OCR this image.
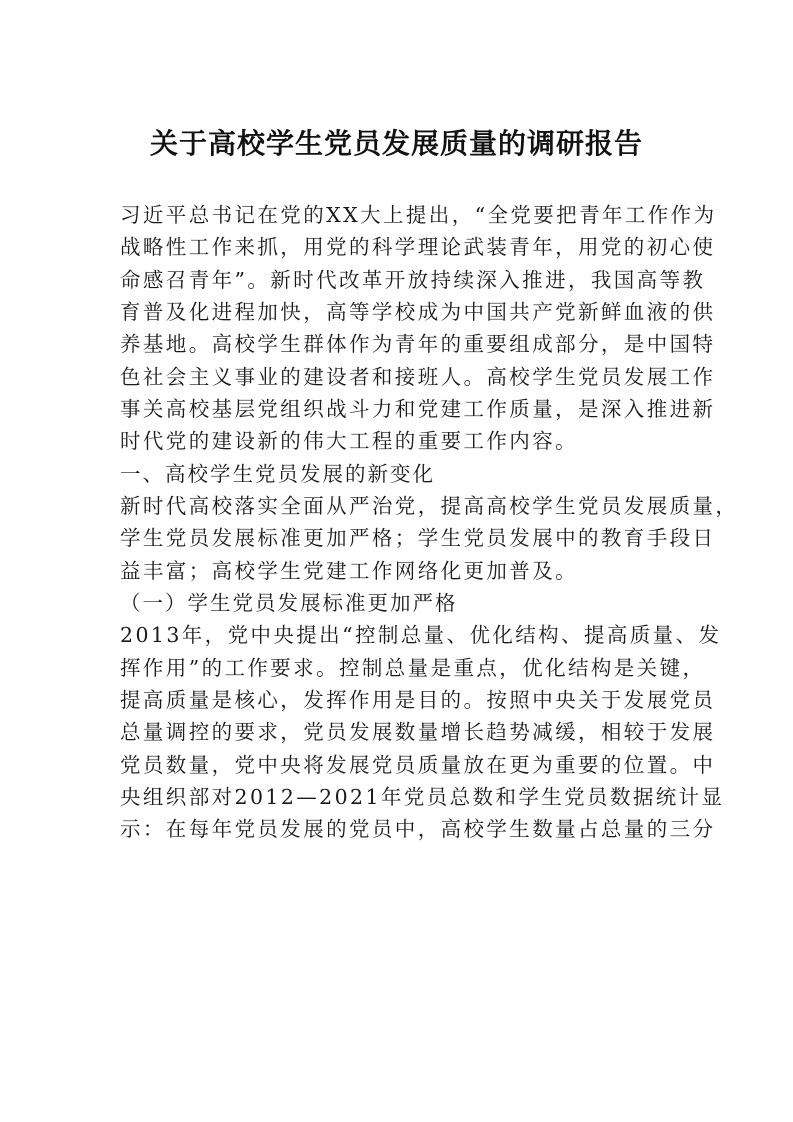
关于高校学生党员发展质量的调研报告

习近平总书记在党的XX大上提出，“全党要把青年工作作为

战略性工作来抓，用党的科学理论武装青年，用党的初心使

命感召青年”。新时代改革开放持续深入推进，我国高等教

育普及化进程加快，高等学校成为中国共产党新鲜血液的供

养基地。高校学生群体作为青年的重要组成部分，是中国特

色社会主义事业的建设者和接班人。高校学生党员发展工作

事关高校基层党组织战斗力和党建工作质量，是深入推进新

时代党的建设新的伟大工程的重要工作内容。

一、高校学生党员发展的新变化

新时代高校落实全面从严治党，提高高校学生党员发展质量，

学生党员发展标准更加严格；学生党员发展中的教育手段日

益丰富；高校学生党建工作网络化更加普及。

（一）学生党员发展标准更加严格

2013年，党中央提出“控制总量、优化结构、提高质量、发

挥作用”的工作要求。控制总量是重点，优化结构是关键，

提高质量是核心，发挥作用是目的。按照中央关于发展党员

总量调控的要求，党员发展数量增长趋势减缓，相较于发展

党员数量，党中央将发展党员质量放在更为重要的位置。中

央组织部对2012—2021年党员总数和学生党员数据统计显

示：在每年党员发展的党员中，高校学生数量占总量的三分
